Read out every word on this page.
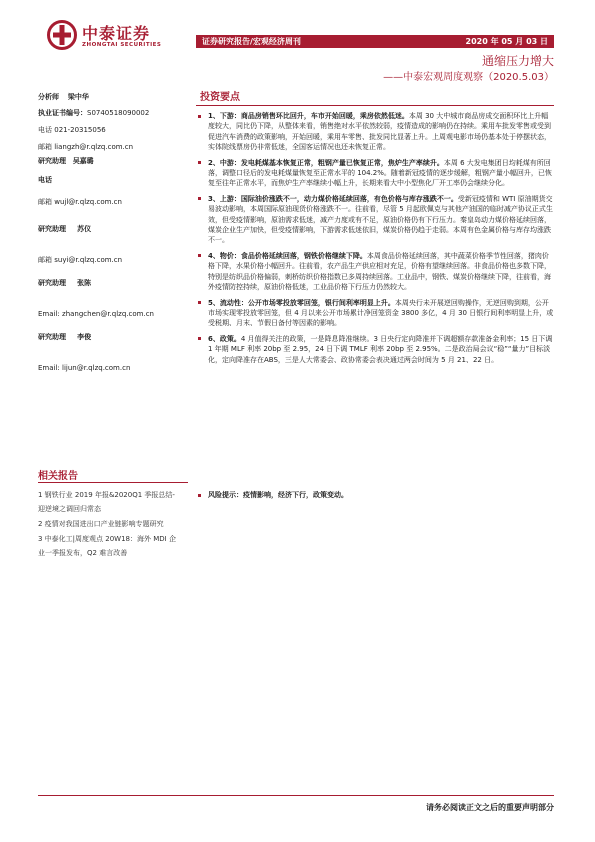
中泰证券
ZHONGTAI SECURITIES	证券研究报告/宏观经济周刊	2020 年 05 月 03 日
通缩压力增大
——中泰宏观周度观察（2020.5.03）
分析师 梁中华
执业证书编号：S0740518090002
电话 021-20315056
邮箱 liangzh@r.qlzq.com.cn
研究助理 吴嘉璐
电话
邮箱 wujl@r.qlzq.com.cn
研究助理 苏仪
邮箱 suyi@r.qlzq.com.cn
研究助理 张陈
Email: zhangchen@r.qlzq.com.cn
研究助理 李俊
Email: lijun@r.qlzq.com.cn
相关报告
1 钢铁行业 2019 年报&2020Q1 季报总结-迎逆境之调回归常态
2 疫情对我国进出口产业链影响专题研究
3 中泰化工|周度观点 20W18：海外 MDI 企业一季报发布，Q2 难言改善
投资要点
1、下游：商品房销售环比回升，车市开始回暖，乘房依然低迷。本周 30 大中城市商品房成交面积环比上升幅度较大，同比仍下降，从整体来看，销售绝对水平依然较弱，疫情造成的影响仍在持续。乘用车批发零售或受到促进汽车消费的政策影响，开始回暖，乘用车零售、批发同比显著上升。上周观电影市场仍基本处于停摆状态，实体院线票房仍非常低迷，全国客运情况也还未恢复正常。
2、中游：发电耗煤基本恢复正常，粗钢产量已恢复正常，焦炉生产率续升。本周 6 大发电集团日均耗煤有所回落，调整口径后的发电耗煤量恢复至正常水平的 104.2%。随着新冠疫情的逐步缓解，粗钢产量小幅回升，已恢复至往年正常水平，而焦炉生产率继续小幅上升，长期来看大中小型焦化厂开工率仍会继续分化。
3、上游：国际油价涨跌不一，动力煤价格延续回落，有色价格与库存涨跌不一。受新冠疫情和 WTI 原油期货交易波动影响，本周国际原油现货价格涨跌不一。往前看，尽管 5 月起欧佩克与其他产油国的临时减产协议正式生效，但受疫情影响，原油需求低迷，减产力度或有不足，原油价格仍有下行压力。秦皇岛动力煤价格延续回落，煤炭企业生产加快，但受疫情影响，下游需求低迷依旧，煤炭价格仍趋于走弱。本周有色金属价格与库存均涨跌不一。
4、物价：食品价格延续回落，钢铁价格继续下降。本周食品价格延续回落，其中蔬菜价格季节性回落，猪肉价格下降，水果价格小幅回升。往前看，农产品生产供应相对充足，价格有望继续回落。非食品价格也多数下降，特别是纺织品价格偏弱，刺桥纺织价格指数已多周持续回落。工业品中，钢铁、煤炭价格继续下降，往前看，海外疫情防控持续，原油价格低迷，工业品价格下行压力仍然较大。
5、流动性：公开市场零投放零回笼，银行间利率明显上升。本周央行未开展逆回购操作，无逆回购到期，公开市场实现零投放零回笼，但 4 月以来公开市场累计净回笼资金 3800 多亿，4 月 30 日银行间利率明显上升，或受税期、月末、节假日备付等因素的影响。
6、政策。4 月值得关注的政策，一是降息降准继续。3 日央行定向降准并下调超额存款准备金利率；15 日下调 1 年期 MLF 利率 20bp 至 2.95，24 日下调 TMLF 利率 20bp 至 2.95%。二是政治局会议“稳”“量力”目标淡化，定向降准存在ABS，三是人大常委会、政协常委会表决通过两会时间为 5 月 21、22 日。
风险提示：疫情影响，经济下行，政策变动。
请务必阅读正文之后的重要声明部分
